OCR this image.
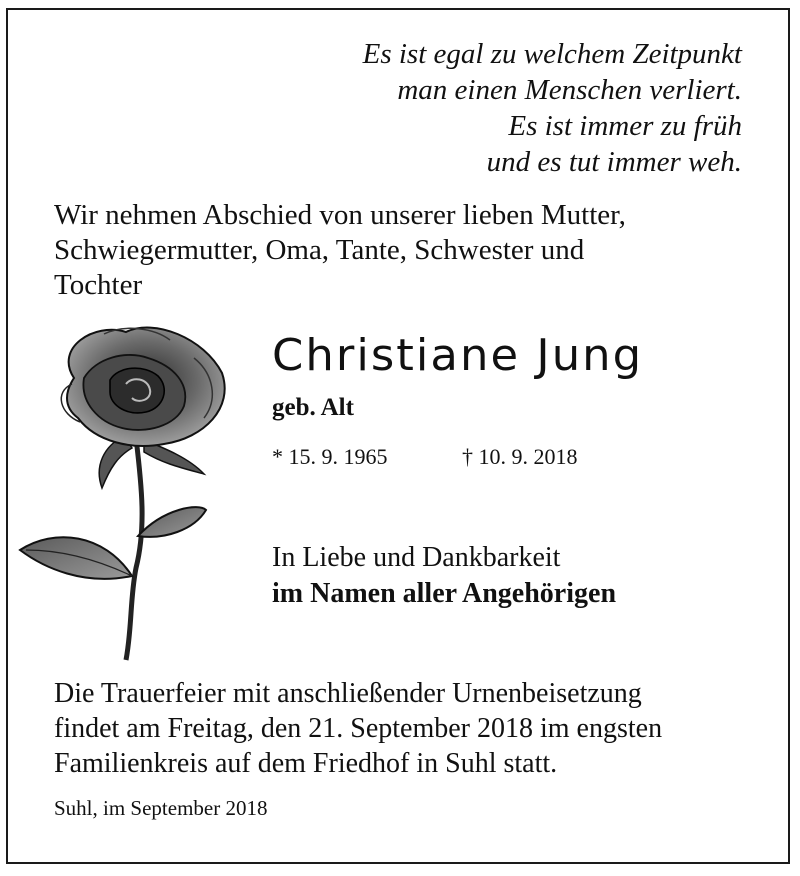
Es ist egal zu welchem Zeitpunkt

man einen Menschen verliert.

Es ist immer zu früh

und es tut immer weh.

Wir nehmen Abschied von unserer lieben Mutter,

Schwiegermutter, Oma, Tante, Schwester und

Tochter

Christiane Jung

geb. Alt

* 15. 9. 1965	† 10. 9. 2018

In Liebe und Dankbarkeit

im Namen aller Angehörigen

Die Trauerfeier mit anschließender Urnenbeisetzung

findet am Freitag, den 21. September 2018 im engsten

Familienkreis auf dem Friedhof in Suhl statt.

Suhl, im September 2018
